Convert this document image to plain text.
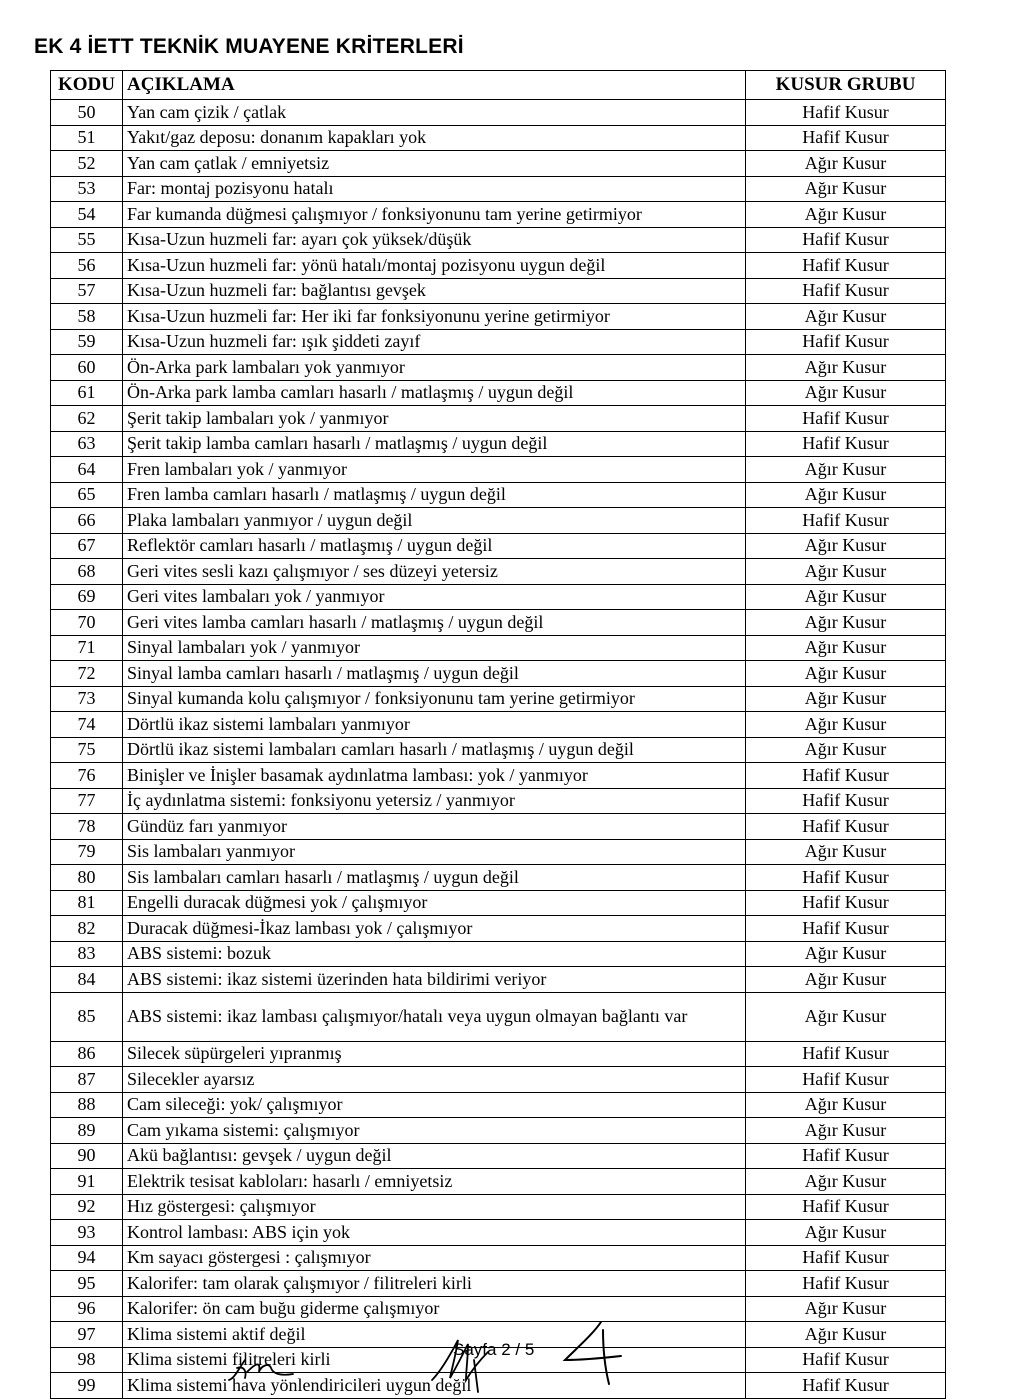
EK 4 İETT TEKNİK MUAYENE KRİTERLERİ
KODU	AÇIKLAMA	KUSUR GRUBU
50	Yan cam çizik / çatlak	Hafif Kusur
51	Yakıt/gaz deposu: donanım kapakları yok	Hafif Kusur
52	Yan cam çatlak / emniyetsiz	Ağır Kusur
53	Far: montaj pozisyonu hatalı	Ağır Kusur
54	Far kumanda düğmesi çalışmıyor / fonksiyonunu tam yerine getirmiyor	Ağır Kusur
55	Kısa-Uzun huzmeli far: ayarı çok yüksek/düşük	Hafif Kusur
56	Kısa-Uzun huzmeli far: yönü hatalı/montaj pozisyonu uygun değil	Hafif Kusur
57	Kısa-Uzun huzmeli far: bağlantısı gevşek	Hafif Kusur
58	Kısa-Uzun huzmeli far: Her iki far fonksiyonunu yerine getirmiyor	Ağır Kusur
59	Kısa-Uzun huzmeli far: ışık şiddeti zayıf	Hafif Kusur
60	Ön-Arka park lambaları yok yanmıyor	Ağır Kusur
61	Ön-Arka park lamba camları hasarlı / matlaşmış / uygun değil	Ağır Kusur
62	Şerit takip lambaları yok / yanmıyor	Hafif Kusur
63	Şerit takip lamba camları hasarlı / matlaşmış / uygun değil	Hafif Kusur
64	Fren lambaları yok / yanmıyor	Ağır Kusur
65	Fren lamba camları hasarlı / matlaşmış / uygun değil	Ağır Kusur
66	Plaka lambaları yanmıyor / uygun değil	Hafif Kusur
67	Reflektör camları hasarlı / matlaşmış / uygun değil	Ağır Kusur
68	Geri vites sesli kazı çalışmıyor / ses düzeyi yetersiz	Ağır Kusur
69	Geri vites lambaları yok / yanmıyor	Ağır Kusur
70	Geri vites lamba camları hasarlı / matlaşmış / uygun değil	Ağır Kusur
71	Sinyal lambaları yok / yanmıyor	Ağır Kusur
72	Sinyal lamba camları hasarlı / matlaşmış / uygun değil	Ağır Kusur
73	Sinyal kumanda kolu çalışmıyor / fonksiyonunu tam yerine getirmiyor	Ağır Kusur
74	Dörtlü ikaz sistemi lambaları yanmıyor	Ağır Kusur
75	Dörtlü ikaz sistemi lambaları camları hasarlı / matlaşmış / uygun değil	Ağır Kusur
76	Binişler ve İnişler basamak aydınlatma lambası: yok / yanmıyor	Hafif Kusur
77	İç aydınlatma sistemi: fonksiyonu yetersiz / yanmıyor	Hafif Kusur
78	Gündüz farı yanmıyor	Hafif Kusur
79	Sis lambaları yanmıyor	Ağır Kusur
80	Sis lambaları camları hasarlı / matlaşmış / uygun değil	Hafif Kusur
81	Engelli duracak düğmesi yok / çalışmıyor	Hafif Kusur
82	Duracak düğmesi-İkaz lambası yok / çalışmıyor	Hafif Kusur
83	ABS sistemi: bozuk	Ağır Kusur
84	ABS sistemi: ikaz sistemi üzerinden hata bildirimi veriyor	Ağır Kusur
85	ABS sistemi: ikaz lambası çalışmıyor/hatalı veya uygun olmayan bağlantı var	Ağır Kusur
86	Silecek süpürgeleri yıpranmış	Hafif Kusur
87	Silecekler ayarsız	Hafif Kusur
88	Cam sileceği: yok/ çalışmıyor	Ağır Kusur
89	Cam yıkama sistemi: çalışmıyor	Ağır Kusur
90	Akü bağlantısı: gevşek / uygun değil	Hafif Kusur
91	Elektrik tesisat kabloları: hasarlı / emniyetsiz	Ağır Kusur
92	Hız göstergesi: çalışmıyor	Hafif Kusur
93	Kontrol lambası: ABS için yok	Ağır Kusur
94	Km sayacı göstergesi : çalışmıyor	Hafif Kusur
95	Kalorifer: tam olarak çalışmıyor / filitreleri kirli	Hafif Kusur
96	Kalorifer: ön cam buğu giderme çalışmıyor	Ağır Kusur
97	Klima sistemi aktif değil	Ağır Kusur
98	Klima sistemi filitreleri kirli	Hafif Kusur
99	Klima sistemi hava yönlendiricileri uygun değil	Hafif Kusur
Sayfa 2 / 5
